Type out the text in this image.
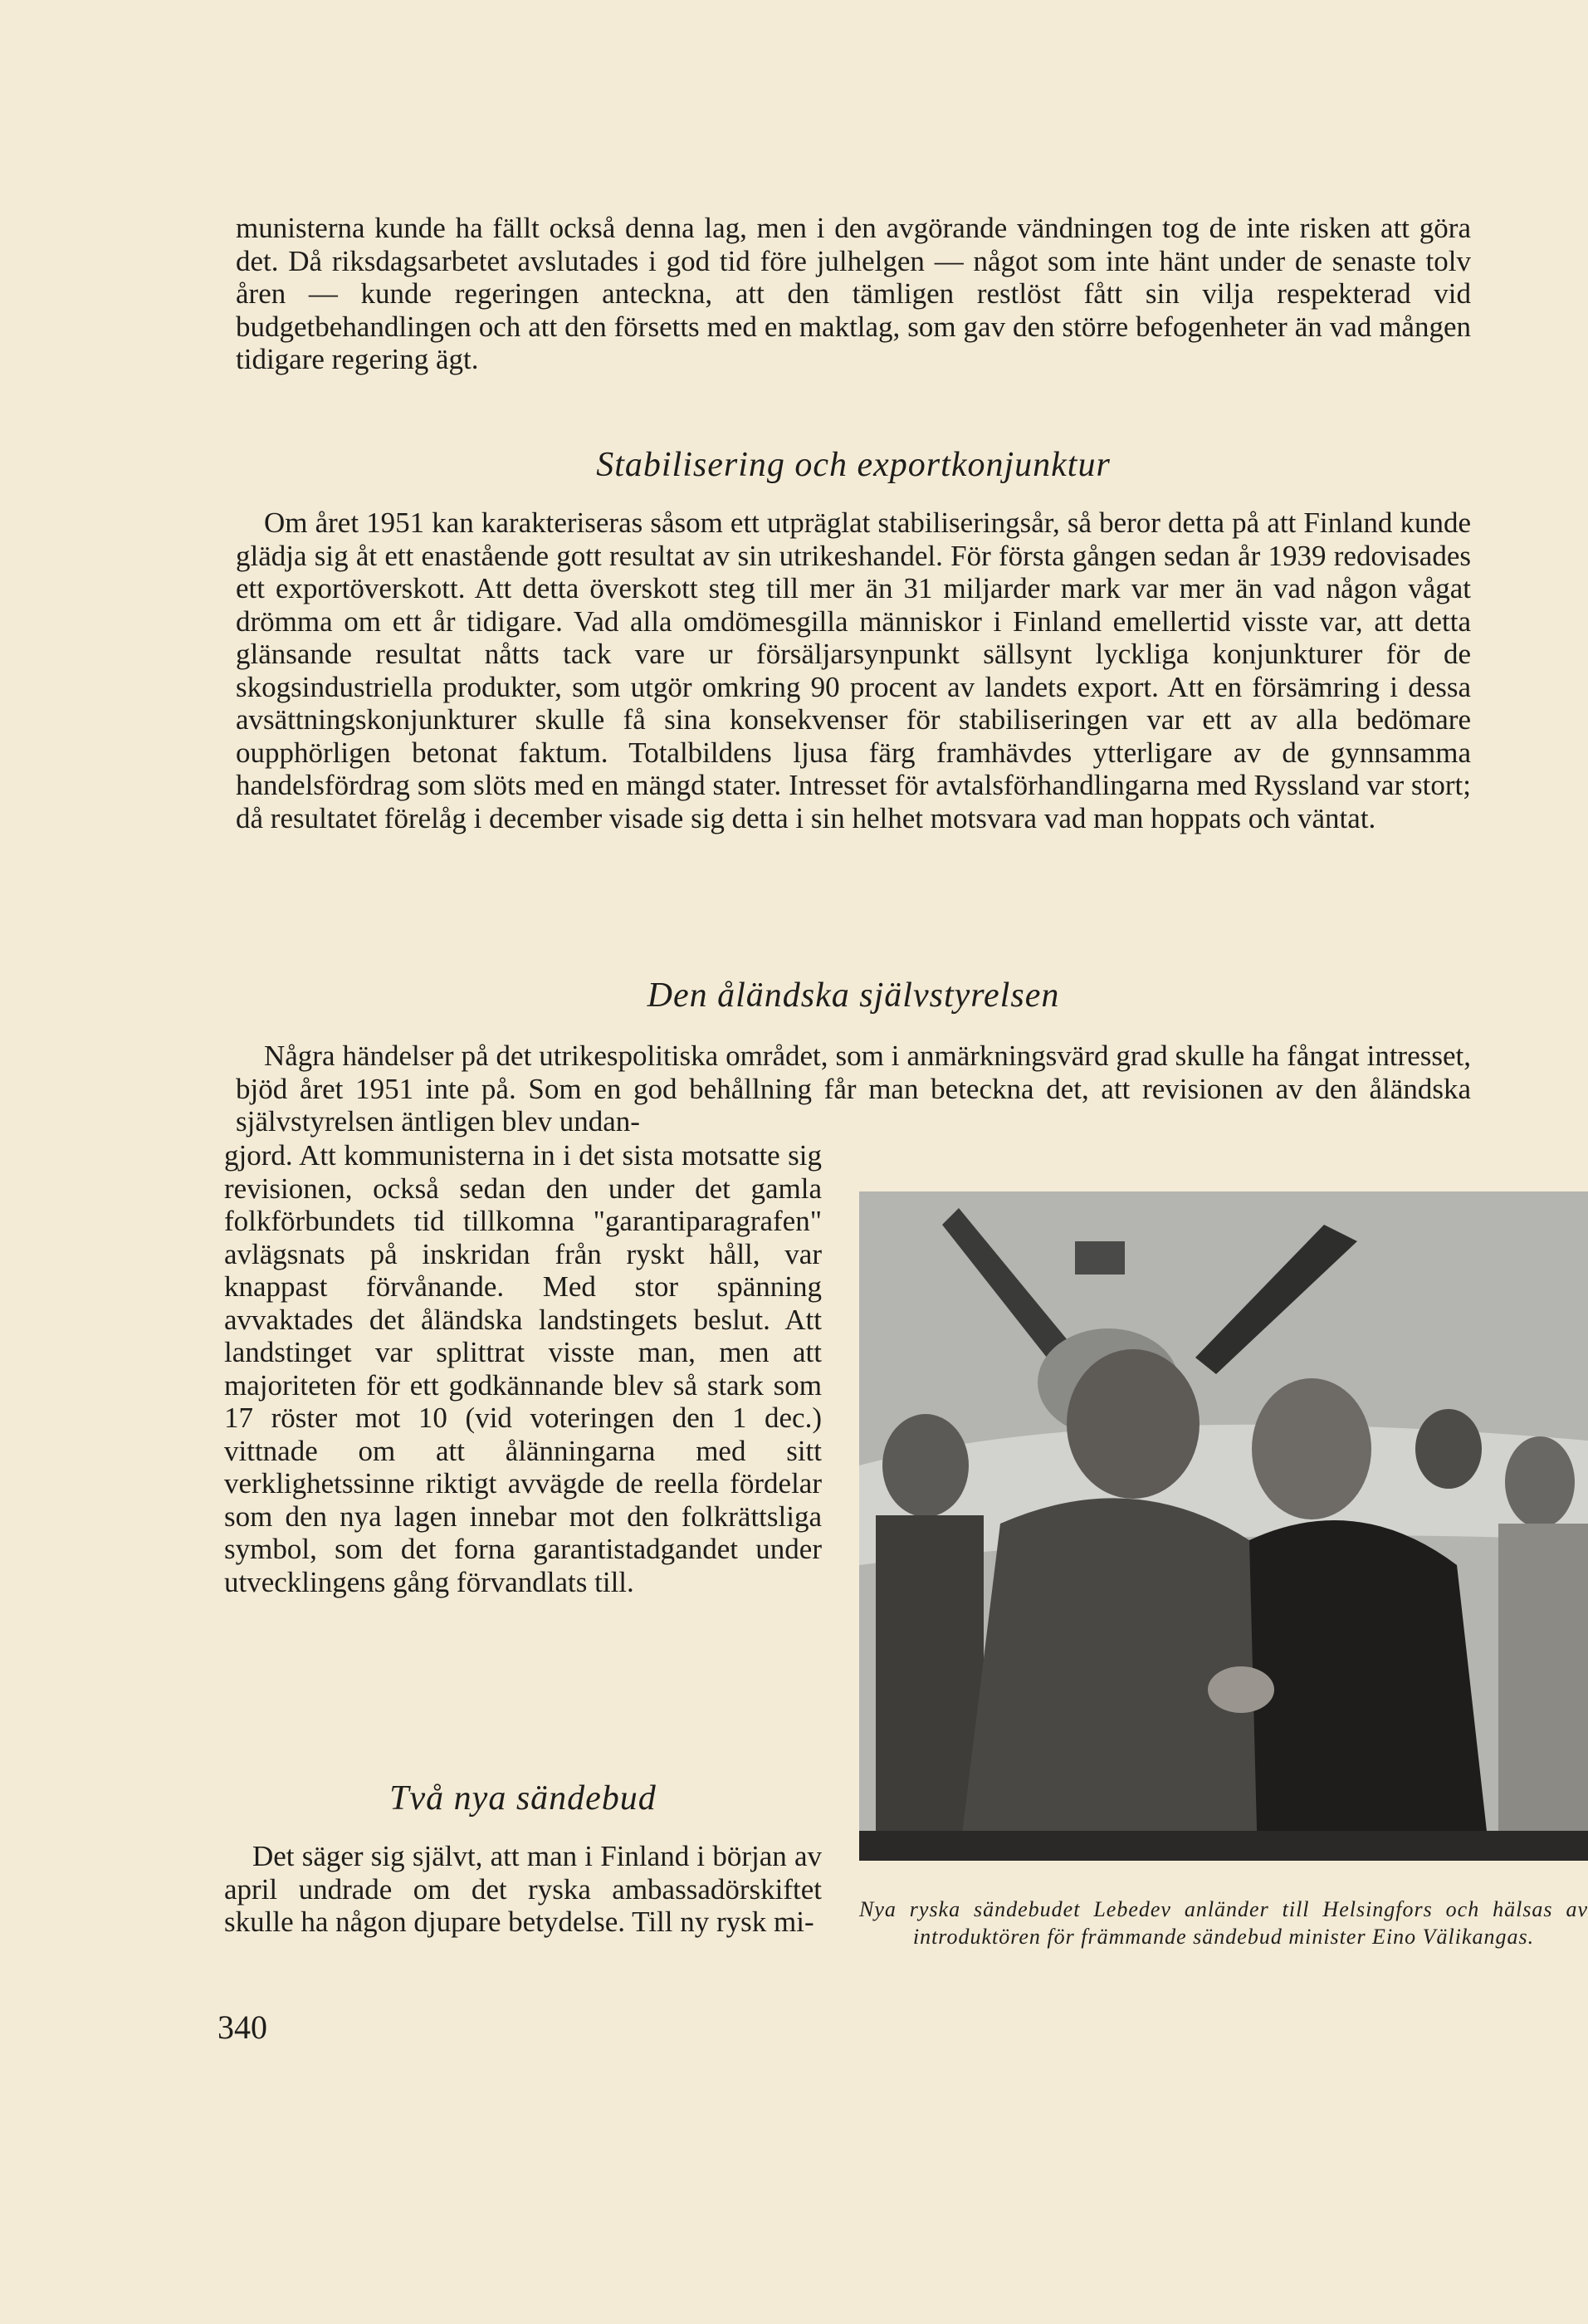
munisterna kunde ha fällt också denna lag, men i den avgörande vändningen tog de inte risken att göra det. Då riksdagsarbetet avslutades i god tid före julhelgen — något som inte hänt under de senaste tolv åren — kunde regeringen anteckna, att den tämligen restlöst fått sin vilja respekterad vid budgetbehandlingen och att den försetts med en maktlag, som gav den större befogenheter än vad mången tidigare regering ägt.

Stabilisering och exportkonjunktur

Om året 1951 kan karakteriseras såsom ett utpräglat stabiliseringsår, så beror detta på att Finland kunde glädja sig åt ett enastående gott resultat av sin utrikeshandel. För första gången sedan år 1939 redovisades ett exportöverskott. Att detta överskott steg till mer än 31 miljarder mark var mer än vad någon vågat drömma om ett år tidigare. Vad alla omdömesgilla människor i Finland emellertid visste var, att detta glänsande resultat nåtts tack vare ur försäljarsynpunkt sällsynt lyckliga konjunkturer för de skogsindustriella produkter, som utgör omkring 90 procent av landets export. Att en försämring i dessa avsättningskonjunkturer skulle få sina konsekvenser för stabiliseringen var ett av alla bedömare oupphörligen betonat faktum. Totalbildens ljusa färg framhävdes ytterligare av de gynnsamma handelsfördrag som slöts med en mängd stater. Intresset för avtalsförhandlingarna med Ryssland var stort; då resultatet förelåg i december visade sig detta i sin helhet motsvara vad man hoppats och väntat.

Den åländska självstyrelsen

Några händelser på det utrikespolitiska området, som i anmärkningsvärd grad skulle ha fångat intresset, bjöd året 1951 inte på. Som en god behållning får man beteckna det, att revisionen av den åländska självstyrelsen äntligen blev undan-

gjord. Att kommunisterna in i det sista motsatte sig revisionen, också sedan den under det gamla folkförbundets tid tillkomna "garantiparagrafen" avlägsnats på inskridan från ryskt håll, var knappast förvånande. Med stor spänning avvaktades det åländska landstingets beslut. Att landstinget var splittrat visste man, men att majoriteten för ett godkännande blev så stark som 17 röster mot 10 (vid voteringen den 1 dec.) vittnade om att ålänningarna med sitt verklighetssinne riktigt avvägde de reella fördelar som den nya lagen innebar mot den folkrättsliga symbol, som det forna garantistadgandet under utvecklingens gång förvandlats till.

Två nya sändebud

Det säger sig självt, att man i Finland i början av april undrade om det ryska ambassadörskiftet skulle ha någon djupare betydelse. Till ny rysk mi-	Nya ryska sändebudet Lebedev anländer till Helsingfors och hälsas av introduktören för främmande sändebud minister Eino Välikangas.

340
